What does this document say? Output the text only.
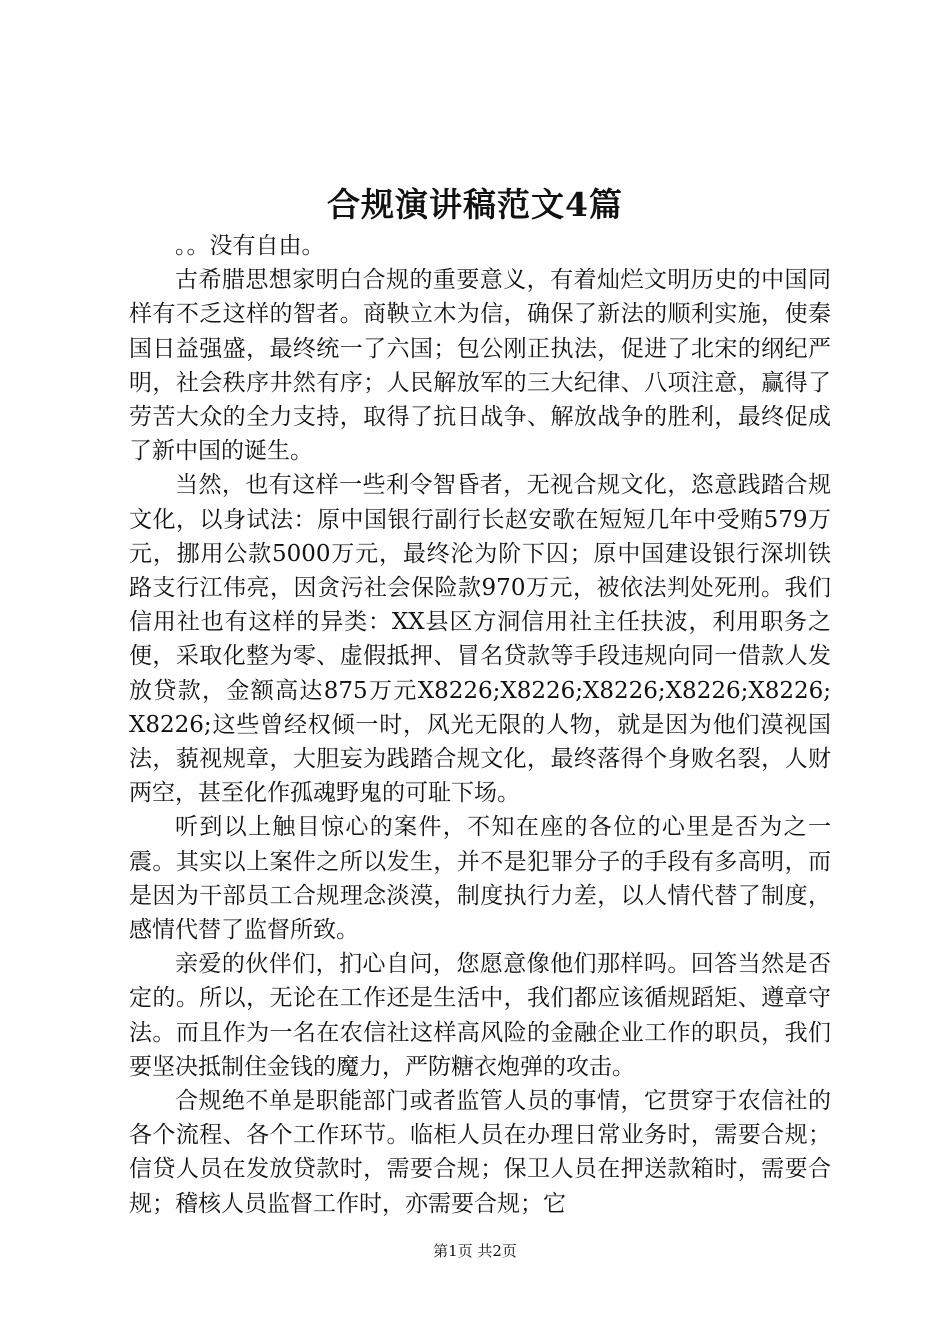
合规演讲稿范文4篇

。。没有自由。

古希腊思想家明白合规的重要意义，有着灿烂文明历史的中国同样有不乏这样的智者。商鞅立木为信，确保了新法的顺利实施，使秦国日益强盛，最终统一了六国；包公刚正执法，促进了北宋的纲纪严明，社会秩序井然有序；人民解放军的三大纪律、八项注意，赢得了劳苦大众的全力支持，取得了抗日战争、解放战争的胜利，最终促成了新中国的诞生。

当然，也有这样一些利令智昏者，无视合规文化，恣意践踏合规文化，以身试法：原中国银行副行长赵安歌在短短几年中受贿579万元，挪用公款5000万元，最终沦为阶下囚；原中国建设银行深圳铁路支行江伟亮，因贪污社会保险款970万元，被依法判处死刑。我们信用社也有这样的异类：XX县区方洞信用社主任扶波，利用职务之便，采取化整为零、虚假抵押、冒名贷款等手段违规向同一借款人发放贷款，金额高达875万元X8226;X8226;X8226;X8226;X8226;X8226;这些曾经权倾一时，风光无限的人物，就是因为他们漠视国法，藐视规章，大胆妄为践踏合规文化，最终落得个身败名裂，人财两空，甚至化作孤魂野鬼的可耻下场。

听到以上触目惊心的案件，不知在座的各位的心里是否为之一震。其实以上案件之所以发生，并不是犯罪分子的手段有多高明，而是因为干部员工合规理念淡漠，制度执行力差，以人情代替了制度，感情代替了监督所致。

亲爱的伙伴们，扪心自问，您愿意像他们那样吗。回答当然是否定的。所以，无论在工作还是生活中，我们都应该循规蹈矩、遵章守法。而且作为一名在农信社这样高风险的金融企业工作的职员，我们要坚决抵制住金钱的魔力，严防糖衣炮弹的攻击。

合规绝不单是职能部门或者监管人员的事情，它贯穿于农信社的各个流程、各个工作环节。临柜人员在办理日常业务时，需要合规；信贷人员在发放贷款时，需要合规；保卫人员在押送款箱时，需要合规；稽核人员监督工作时，亦需要合规；它

第1页 共2页
